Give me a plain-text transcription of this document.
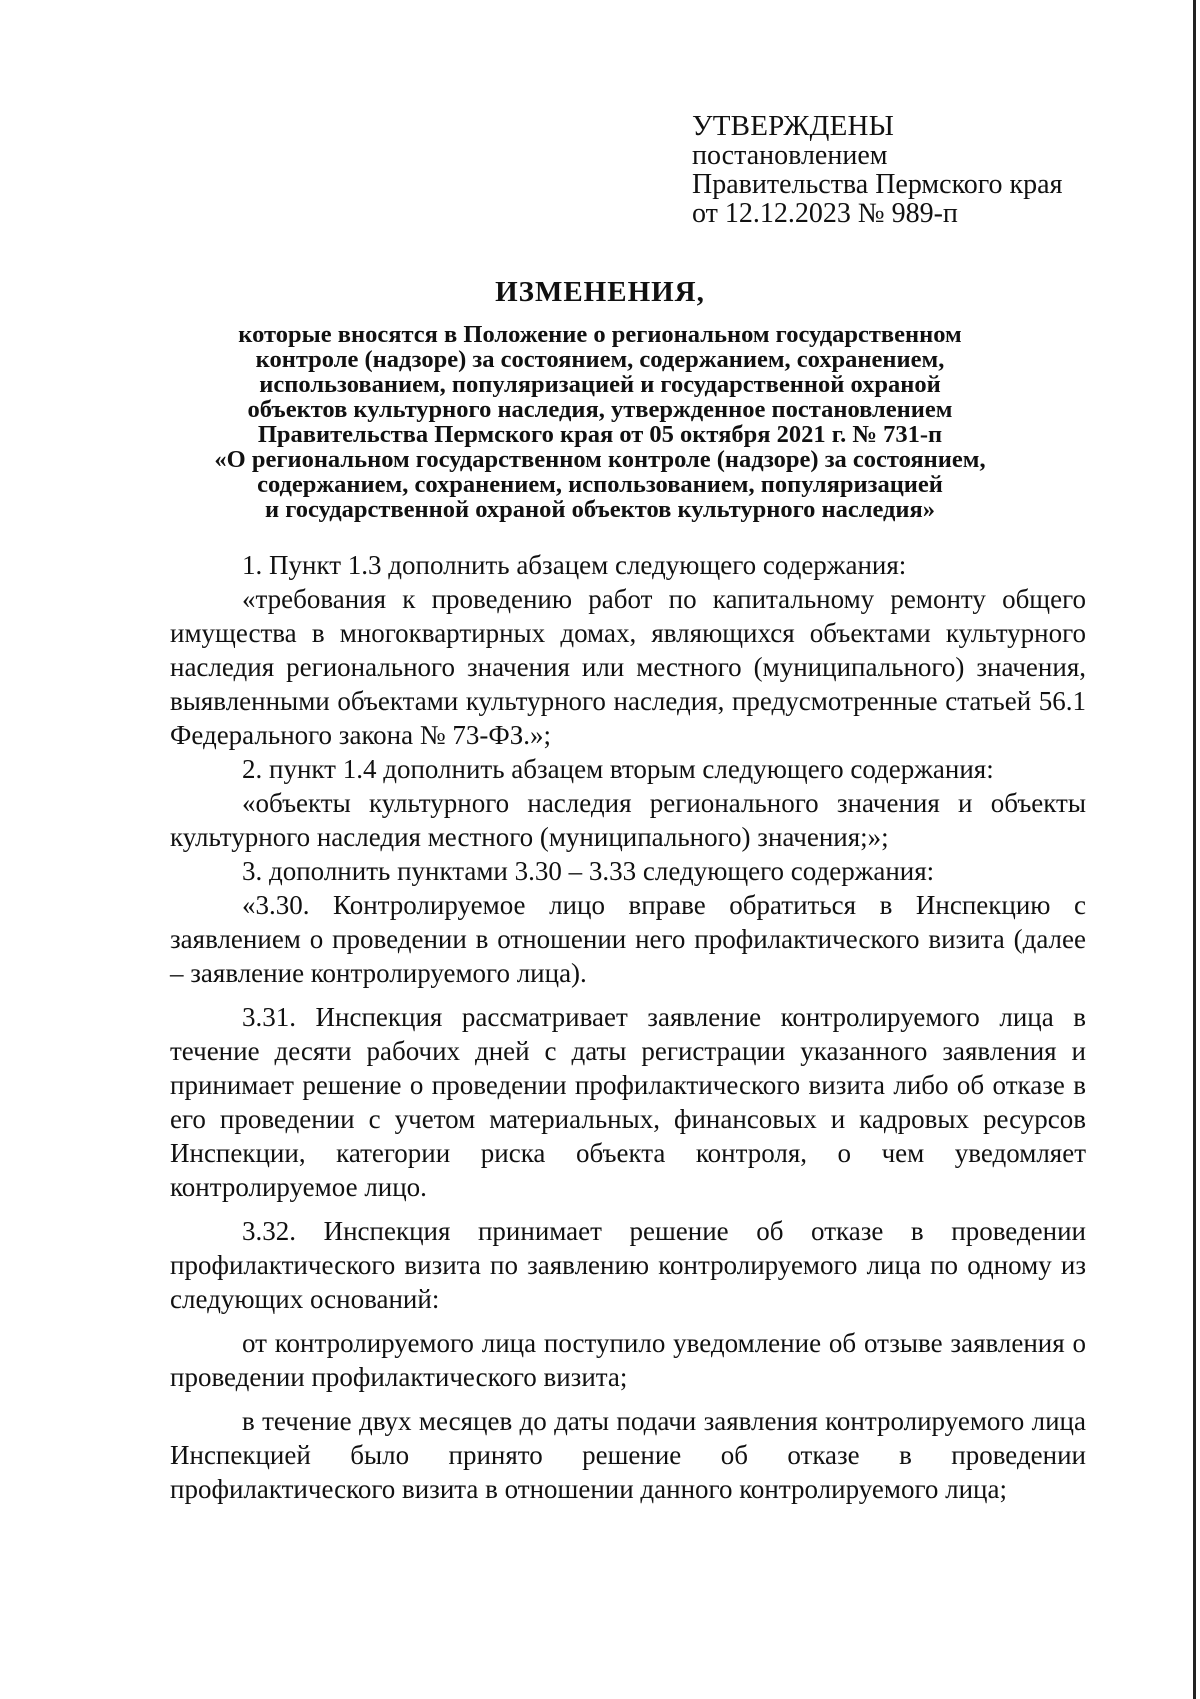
УТВЕРЖДЕНЫ
постановлением
Правительства Пермского края
от 12.12.2023 № 989-п
ИЗМЕНЕНИЯ,
которые вносятся в Положение о региональном государственном
контроле (надзоре) за состоянием, содержанием, сохранением,
использованием, популяризацией и государственной охраной
объектов культурного наследия, утвержденное постановлением
Правительства Пермского края от 05 октября 2021 г. № 731-п
«О региональном государственном контроле (надзоре) за состоянием,
содержанием, сохранением, использованием, популяризацией
и государственной охраной объектов культурного наследия»

1. Пункт 1.3 дополнить абзацем следующего содержания:

«требования к проведению работ по капитальному ремонту общего имущества в многоквартирных домах, являющихся объектами культурного наследия регионального значения или местного (муниципального) значения, выявленными объектами культурного наследия, предусмотренные статьей 56.1 Федерального закона № 73-ФЗ.»;

2. пункт 1.4 дополнить абзацем вторым следующего содержания:

«объекты культурного наследия регионального значения и объекты культурного наследия местного (муниципального) значения;»;

3. дополнить пунктами 3.30 – 3.33 следующего содержания:

«3.30. Контролируемое лицо вправе обратиться в Инспекцию с заявлением о проведении в отношении него профилактического визита (далее – заявление контролируемого лица).

3.31. Инспекция рассматривает заявление контролируемого лица в течение десяти рабочих дней с даты регистрации указанного заявления и принимает решение о проведении профилактического визита либо об отказе в его проведении с учетом материальных, финансовых и кадровых ресурсов Инспекции, категории риска объекта контроля, о чем уведомляет контролируемое лицо.

3.32. Инспекция принимает решение об отказе в проведении профилактического визита по заявлению контролируемого лица по одному из следующих оснований:

от контролируемого лица поступило уведомление об отзыве заявления о проведении профилактического визита;

в течение двух месяцев до даты подачи заявления контролируемого лица Инспекцией было принято решение об отказе в проведении профилактического визита в отношении данного контролируемого лица;
